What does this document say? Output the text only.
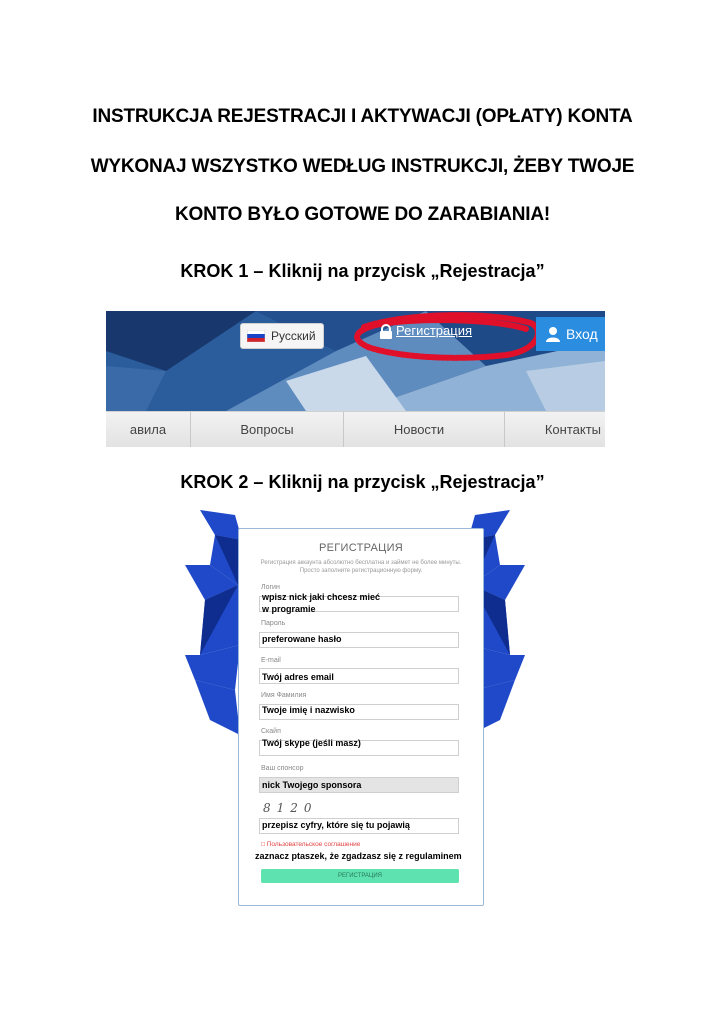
INSTRUKCJA REJESTRACJI I AKTYWACJI (OPŁATY) KONTA
WYKONAJ WSZYSTKO WEDŁUG INSTRUKCJI, ŻEBY TWOJE
KONTO BYŁO GOTOWE DO ZARABIANIA!
KROK 1 – Kliknij na przycisk „Rejestracja”
Русский	Регистрация	Вход
авила	Вопросы	Новости	Контакты
KROK 2 – Kliknij na przycisk „Rejestracja”
РЕГИСТРАЦИЯ
Регистрация аккаунта абсолютно бесплатна и займет не более минуты.
Просто заполните регистрационную форму.
Логин
wpisz nick jaki chcesz mieć
w programie
Пароль
preferowane hasło
E-mail
Twój adres email
Имя Фамилия
Twoje imię i nazwisko
Скайп
Twój skype (jeśli masz)
Ваш спонсор
nick Twojego sponsora
8120
przepisz cyfry, które się tu pojawią
□ Пользовательское соглашение
zaznacz ptaszek, że zgadzasz się z regulaminem
РЕГИСТРАЦИЯ
